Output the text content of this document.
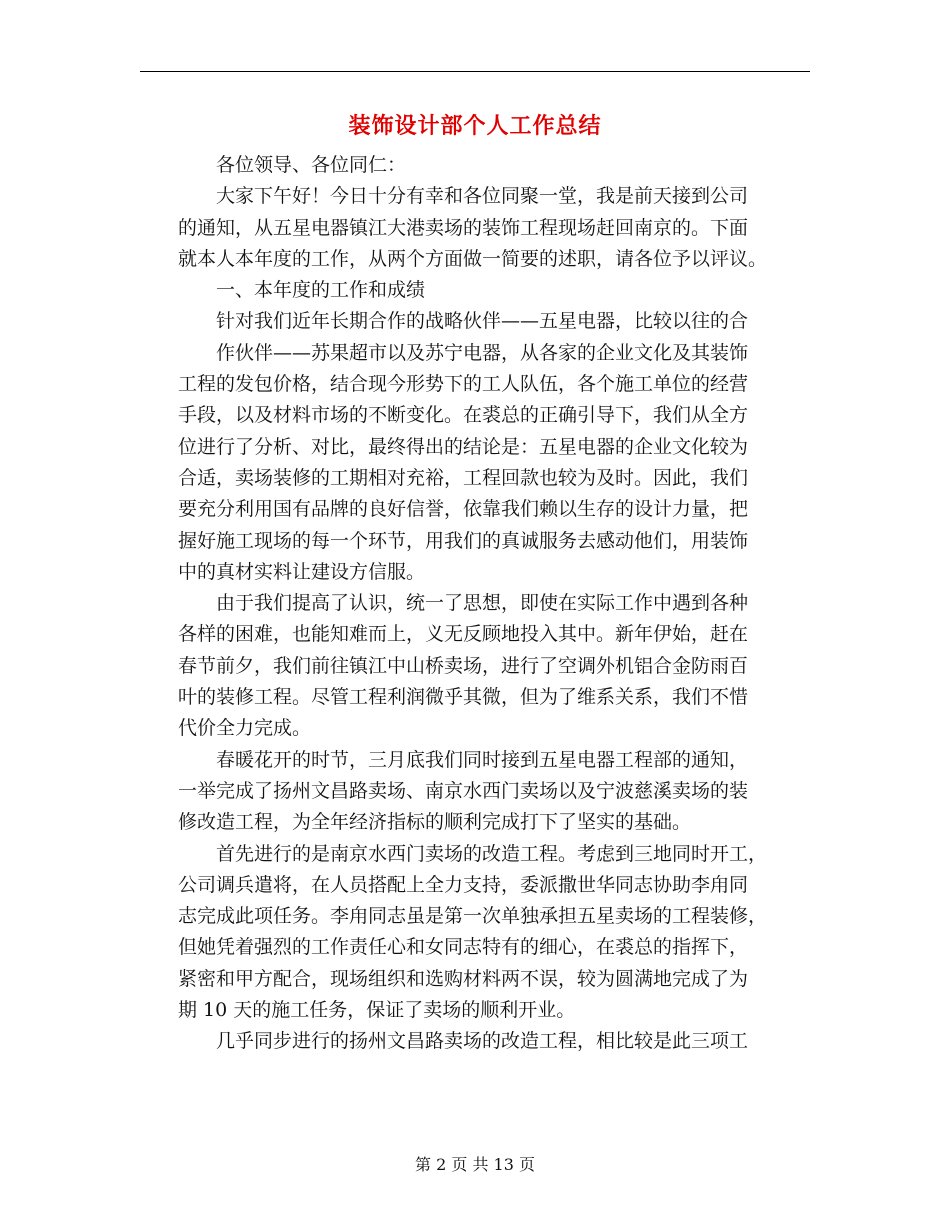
装饰设计部个人工作总结

各位领导、各位同仁：
大家下午好！今日十分有幸和各位同聚一堂，我是前天接到公司
的通知，从五星电器镇江大港卖场的装饰工程现场赶回南京的。下面
就本人本年度的工作，从两个方面做一简要的述职，请各位予以评议。
一、本年度的工作和成绩
针对我们近年长期合作的战略伙伴——五星电器，比较以往的合
作伙伴——苏果超市以及苏宁电器，从各家的企业文化及其装饰
工程的发包价格，结合现今形势下的工人队伍，各个施工单位的经营
手段，以及材料市场的不断变化。在裘总的正确引导下，我们从全方
位进行了分析、对比，最终得出的结论是：五星电器的企业文化较为
合适，卖场装修的工期相对充裕，工程回款也较为及时。因此，我们
要充分利用国有品牌的良好信誉，依靠我们赖以生存的设计力量，把
握好施工现场的每一个环节，用我们的真诚服务去感动他们，用装饰
中的真材实料让建设方信服。
由于我们提高了认识，统一了思想，即使在实际工作中遇到各种
各样的困难，也能知难而上，义无反顾地投入其中。新年伊始，赶在
春节前夕，我们前往镇江中山桥卖场，进行了空调外机铝合金防雨百
叶的装修工程。尽管工程利润微乎其微，但为了维系关系，我们不惜
代价全力完成。
春暖花开的时节，三月底我们同时接到五星电器工程部的通知，
一举完成了扬州文昌路卖场、南京水西门卖场以及宁波慈溪卖场的装
修改造工程，为全年经济指标的顺利完成打下了坚实的基础。
首先进行的是南京水西门卖场的改造工程。考虑到三地同时开工，
公司调兵遣将，在人员搭配上全力支持，委派撒世华同志协助李甪同
志完成此项任务。李甪同志虽是第一次单独承担五星卖场的工程装修，
但她凭着强烈的工作责任心和女同志特有的细心，在裘总的指挥下，
紧密和甲方配合，现场组织和选购材料两不误，较为圆满地完成了为
期 10 天的施工任务，保证了卖场的顺利开业。
几乎同步进行的扬州文昌路卖场的改造工程，相比较是此三项工

第 2 页 共 13 页
